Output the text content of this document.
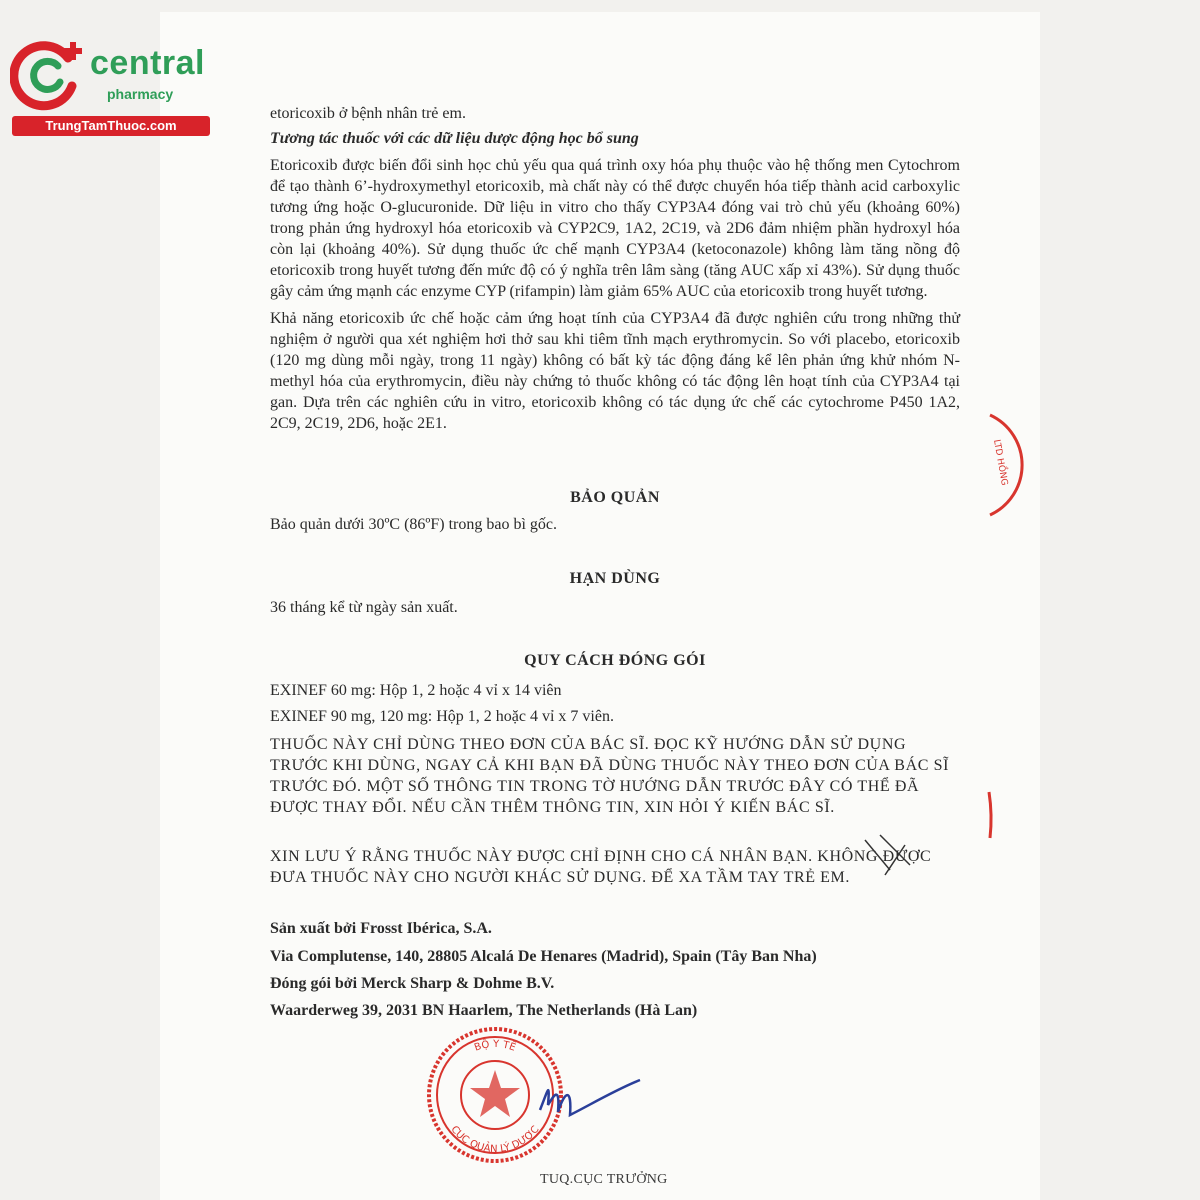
central
pharmacy
TrungTamThuoc.com
etoricoxib ở bệnh nhân trẻ em.

Tương tác thuốc với các dữ liệu dược động học bổ sung

Etoricoxib được biến đổi sinh học chủ yếu qua quá trình oxy hóa phụ thuộc vào hệ thống men Cytochrom để tạo thành 6’-hydroxymethyl etoricoxib, mà chất này có thể được chuyển hóa tiếp thành acid carboxylic tương ứng hoặc O-glucuronide. Dữ liệu in vitro cho thấy CYP3A4 đóng vai trò chủ yếu (khoảng 60%) trong phản ứng hydroxyl hóa etoricoxib và CYP2C9, 1A2, 2C19, và 2D6 đảm nhiệm phần hydroxyl hóa còn lại (khoảng 40%). Sử dụng thuốc ức chế mạnh CYP3A4 (ketoconazole) không làm tăng nồng độ etoricoxib trong huyết tương đến mức độ có ý nghĩa trên lâm sàng (tăng AUC xấp xỉ 43%). Sử dụng thuốc gây cảm ứng mạnh các enzyme CYP (rifampin) làm giảm 65% AUC của etoricoxib trong huyết tương.

Khả năng etoricoxib ức chế hoặc cảm ứng hoạt tính của CYP3A4 đã được nghiên cứu trong những thử nghiệm ở người qua xét nghiệm hơi thở sau khi tiêm tĩnh mạch erythromycin. So với placebo, etoricoxib (120 mg dùng mỗi ngày, trong 11 ngày) không có bất kỳ tác động đáng kể lên phản ứng khử nhóm N-methyl hóa của erythromycin, điều này chứng tỏ thuốc không có tác động lên hoạt tính của CYP3A4 tại gan. Dựa trên các nghiên cứu in vitro, etoricoxib không có tác dụng ức chế các cytochrome P450 1A2, 2C9, 2C19, 2D6, hoặc 2E1.

BẢO QUẢN
Bảo quản dưới 30ºC (86ºF) trong bao bì gốc.
HẠN DÙNG
36 tháng kể từ ngày sản xuất.
QUY CÁCH ĐÓNG GÓI
EXINEF 60 mg: Hộp 1, 2 hoặc 4 vỉ x 14 viên
EXINEF 90 mg, 120 mg: Hộp 1, 2 hoặc 4 vỉ x 7 viên.
THUỐC NÀY CHỈ DÙNG THEO ĐƠN CỦA BÁC SĨ. ĐỌC KỸ HƯỚNG DẪN SỬ DỤNG TRƯỚC KHI DÙNG, NGAY CẢ KHI BẠN ĐÃ DÙNG THUỐC NÀY THEO ĐƠN CỦA BÁC SĨ TRƯỚC ĐÓ. MỘT SỐ THÔNG TIN TRONG TỜ HƯỚNG DẪN TRƯỚC ĐÂY CÓ THỂ ĐÃ ĐƯỢC THAY ĐỔI. NẾU CẦN THÊM THÔNG TIN, XIN HỎI Ý KIẾN BÁC SĨ.
XIN LƯU Ý RẰNG THUỐC NÀY ĐƯỢC CHỈ ĐỊNH CHO CÁ NHÂN BẠN. KHÔNG ĐƯỢC ĐƯA THUỐC NÀY CHO NGƯỜI KHÁC SỬ DỤNG. ĐỂ XA TẦM TAY TRẺ EM.
Sản xuất bởi Frosst Ibérica, S.A.
Via Complutense, 140, 28805 Alcalá De Henares (Madrid), Spain (Tây Ban Nha)
Đóng gói bởi Merck Sharp & Dohme B.V.
Waarderweg 39, 2031 BN Haarlem, The Netherlands (Hà Lan)
BỘ Y TẾ
CỤC QUẢN LÝ DƯỢC
LTD HỒNG
TUQ.CỤC TRƯỞNG
